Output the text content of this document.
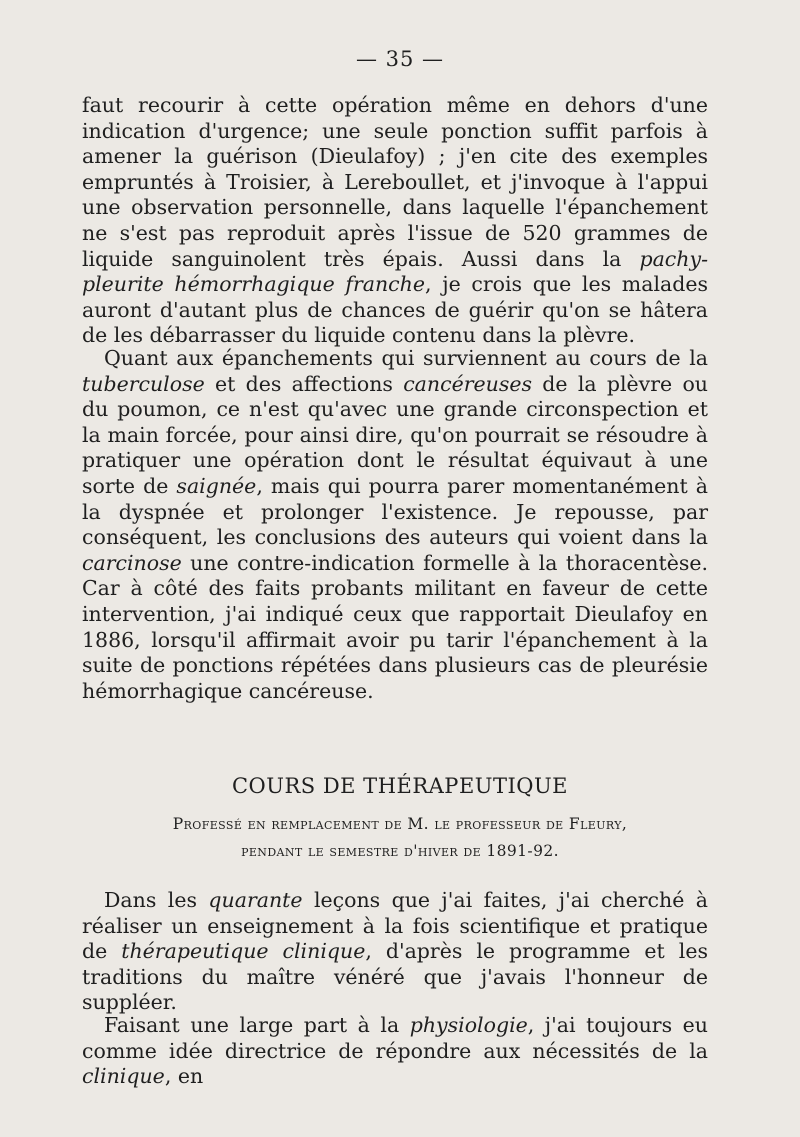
— 35 —

faut recourir à cette opération même en dehors d'une indication d'urgence; une seule ponction suffit parfois à amener la guérison (Dieulafoy) ; j'en cite des exemples empruntés à Troisier, à Lereboullet, et j'invoque à l'appui une observation personnelle, dans laquelle l'épanchement ne s'est pas reproduit après l'issue de 520 grammes de liquide sanguinolent très épais. Aussi dans la pachy-pleurite hémorrhagique franche, je crois que les malades auront d'autant plus de chances de guérir qu'on se hâtera de les débarrasser du liquide contenu dans la plèvre.

Quant aux épanchements qui surviennent au cours de la tuberculose et des affections cancéreuses de la plèvre ou du poumon, ce n'est qu'avec une grande circonspection et la main forcée, pour ainsi dire, qu'on pourrait se résoudre à pratiquer une opération dont le résultat équivaut à une sorte de saignée, mais qui pourra parer momentanément à la dyspnée et prolonger l'existence. Je repousse, par conséquent, les conclusions des auteurs qui voient dans la carcinose une contre-indication formelle à la thoracentèse. Car à côté des faits probants militant en faveur de cette intervention, j'ai indiqué ceux que rapportait Dieulafoy en 1886, lorsqu'il affirmait avoir pu tarir l'épanchement à la suite de ponctions répétées dans plusieurs cas de pleurésie hémorrhagique cancéreuse.

COURS DE THÉRAPEUTIQUE
Professé en remplacement de M. le professeur de Fleury,
pendant le semestre d'hiver de 1891-92.

Dans les quarante leçons que j'ai faites, j'ai cherché à réaliser un enseignement à la fois scientifique et pratique de thérapeutique clinique, d'après le programme et les traditions du maître vénéré que j'avais l'honneur de suppléer.

Faisant une large part à la physiologie, j'ai toujours eu comme idée directrice de répondre aux nécessités de la clinique, en
